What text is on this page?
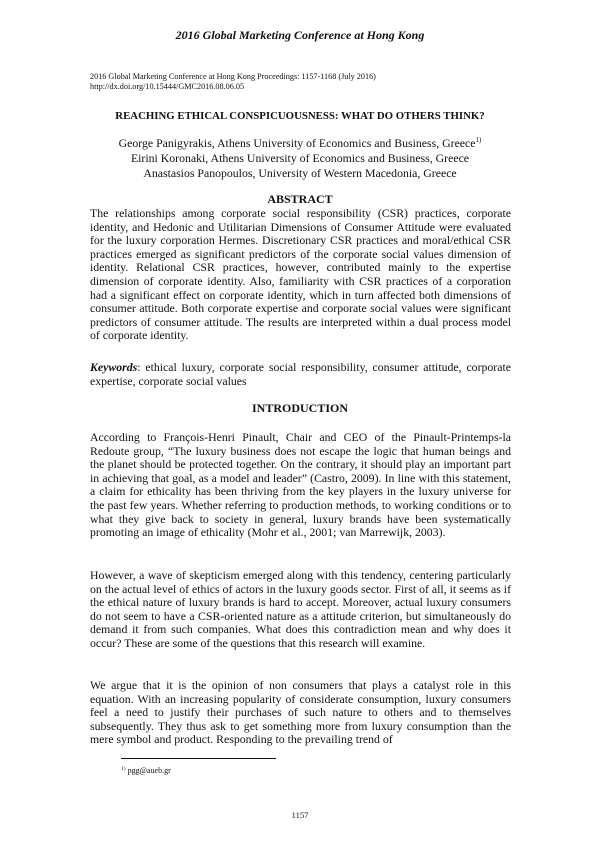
2016 Global Marketing Conference at Hong Kong
2016 Global Marketing Conference at Hong Kong Proceedings: 1157-1168 (July 2016)
http://dx.doi.org/10.15444/GMC2016.08.06.05
REACHING ETHICAL CONSPICUOUSNESS: WHAT DO OTHERS THINK?
George Panigyrakis, Athens University of Economics and Business, Greece$^{1)}$
Eirini Koronaki, Athens University of Economics and Business, Greece
Anastasios Panopoulos, University of Western Macedonia, Greece
ABSTRACT
The relationships among corporate social responsibility (CSR) practices, corporate identity, and Hedonic and Utilitarian Dimensions of Consumer Attitude were evaluated for the luxury corporation Hermes. Discretionary CSR practices and moral/ethical CSR practices emerged as significant predictors of the corporate social values dimension of identity. Relational CSR practices, however, contributed mainly to the expertise dimension of corporate identity. Also, familiarity with CSR practices of a corporation had a significant effect on corporate identity, which in turn affected both dimensions of consumer attitude. Both corporate expertise and corporate social values were significant predictors of consumer attitude. The results are interpreted within a dual process model of corporate identity.
Keywords: ethical luxury, corporate social responsibility, consumer attitude, corporate expertise, corporate social values
INTRODUCTION
According to François-Henri Pinault, Chair and CEO of the Pinault-Printemps-la Redoute group, “The luxury business does not escape the logic that human beings and the planet should be protected together. On the contrary, it should play an important part in achieving that goal, as a model and leader” (Castro, 2009). In line with this statement, a claim for ethicality has been thriving from the key players in the luxury universe for the past few years. Whether referring to production methods, to working conditions or to what they give back to society in general, luxury brands have been systematically promoting an image of ethicality (Mohr et al., 2001; van Marrewijk, 2003).
However, a wave of skepticism emerged along with this tendency, centering particularly on the actual level of ethics of actors in the luxury goods sector. First of all, it seems as if the ethical nature of luxury brands is hard to accept. Moreover, actual luxury consumers do not seem to have a CSR-oriented nature as a attitude criterion, but simultaneously do demand it from such companies. What does this contradiction mean and why does it occur? These are some of the questions that this research will examine.
We argue that it is the opinion of non consumers that plays a catalyst role in this equation. With an increasing popularity of considerate consumption, luxury consumers feel a need to justify their purchases of such nature to others and to themselves subsequently. They thus ask to get something more from luxury consumption than the mere symbol and product. Responding to the prevailing trend of
$^{1)}$ pgg@aueb.gr
1157
